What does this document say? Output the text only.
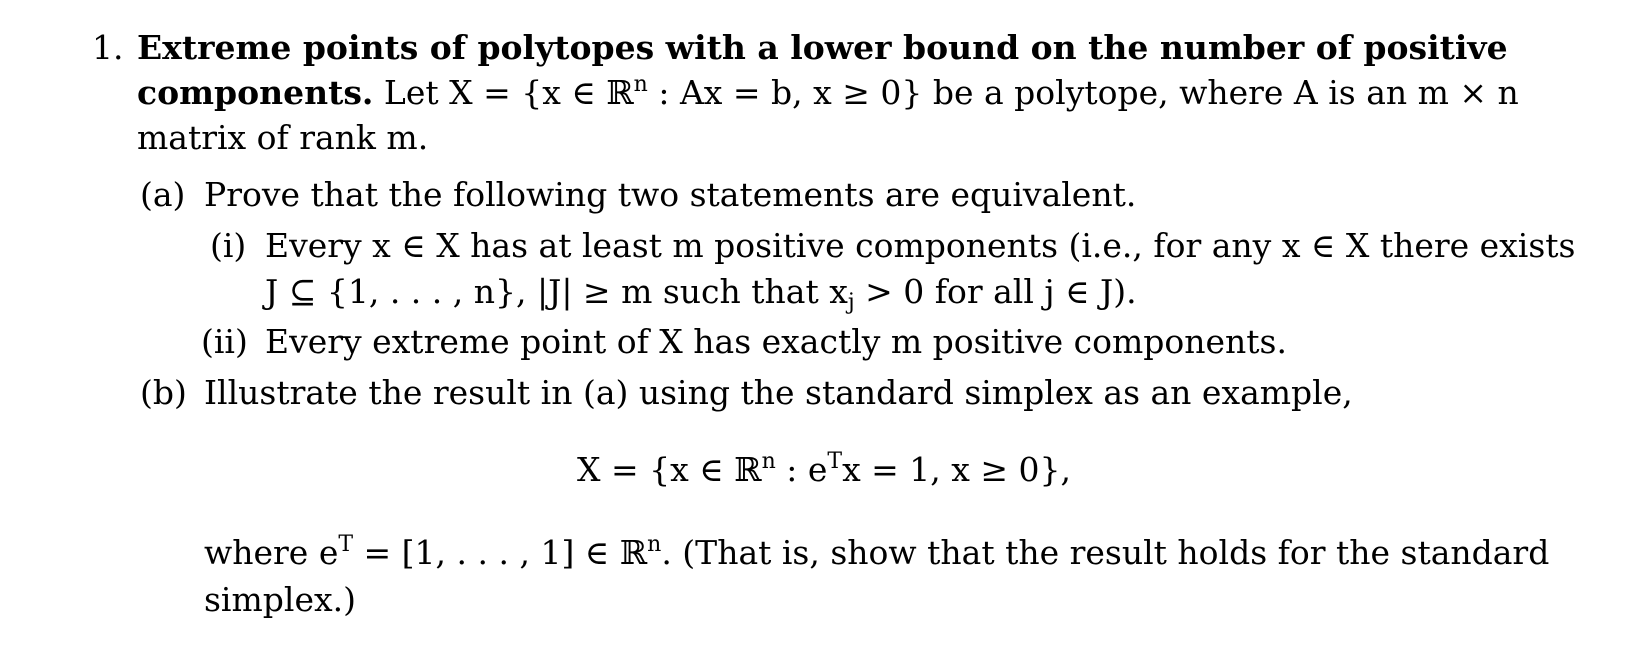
1. Extreme points of polytopes with a lower bound on the number of positive
components. Let X = {x ∈ ℝ$^n$ : Ax = b, x ≥ 0} be a polytope, where A is an m × n
matrix of rank m.
(a) Prove that the following two statements are equivalent.
(i) Every x ∈ X has at least m positive components (i.e., for any x ∈ X there exists
J ⊆ {1, . . . , n}, |J| ≥ m such that $x_j > 0$ for all j ∈ J).
(ii) Every extreme point of X has exactly m positive components.
(b) Illustrate the result in (a) using the standard simplex as an example,
X = {x ∈ ℝ$^n$ : $e^Tx = 1$, x ≥ 0},
where $e^T = [1$, . . . , 1] ∈ ℝ$^n$. (That is, show that the result holds for the standard
simplex.)
